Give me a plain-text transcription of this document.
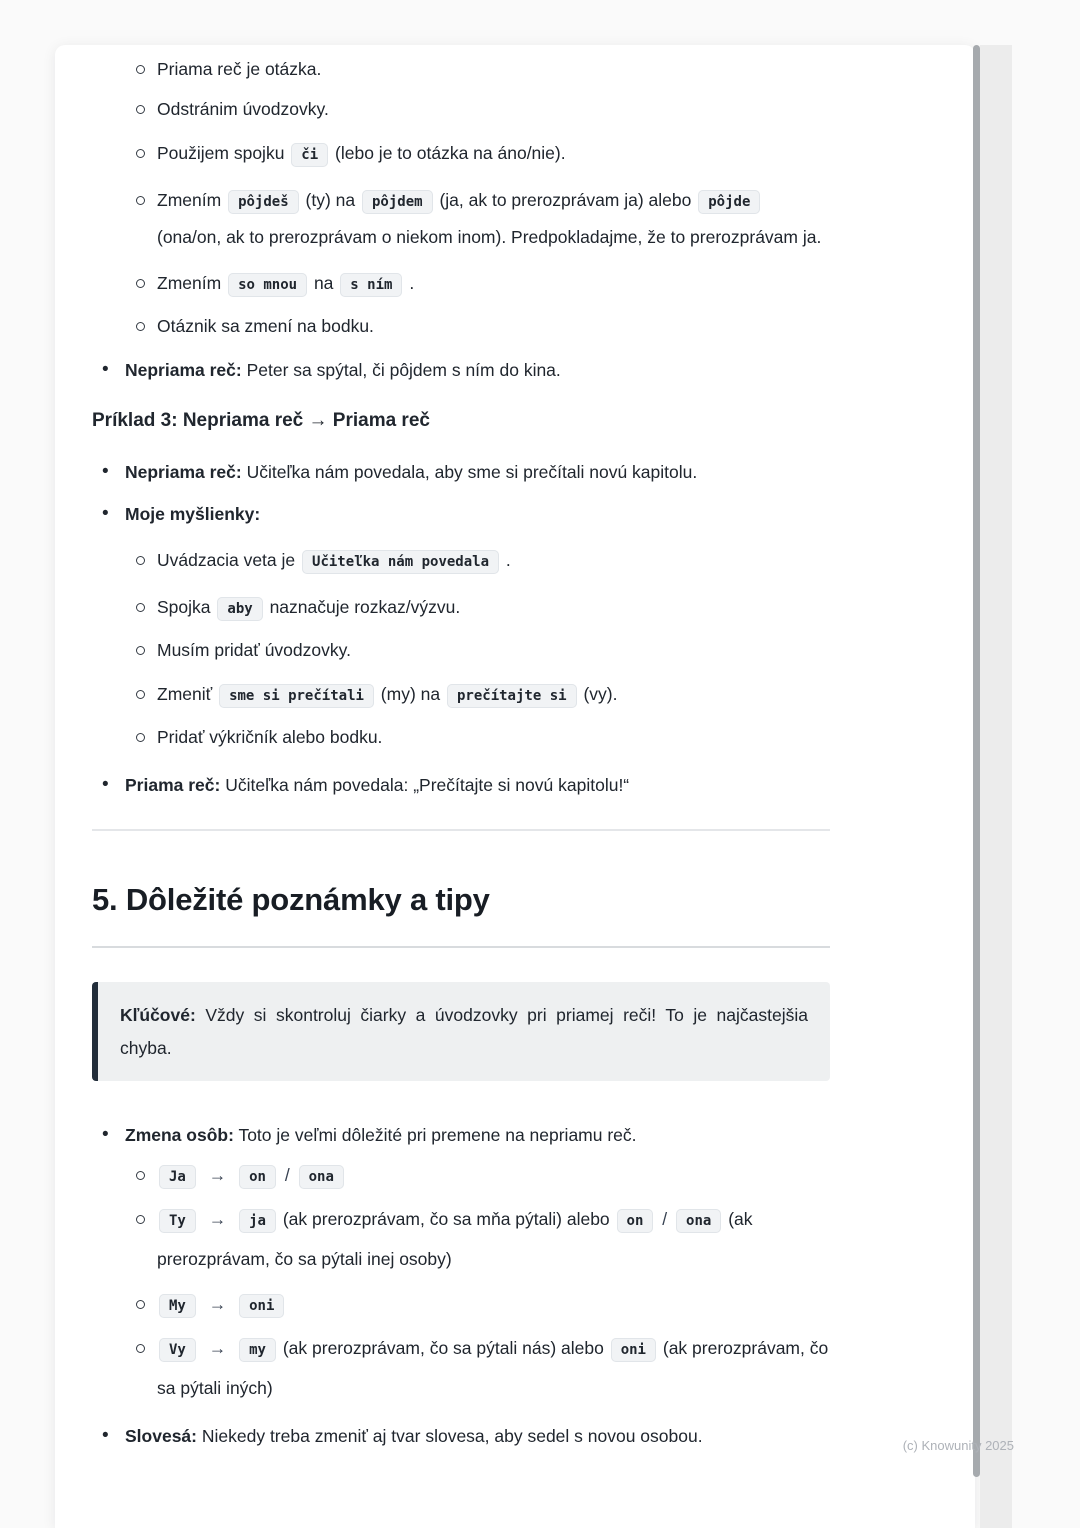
Priama reč je otázka.
Odstránim úvodzovky.
Použijem spojku či (lebo je to otázka na áno/nie).
Zmením pôjdeš (ty) na pôjdem (ja, ak to prerozprávam ja) alebo pôjde (ona/on, ak to prerozprávam o niekom inom). Predpokladajme, že to prerozprávam ja.
Zmením so mnou na s ním .
Otáznik sa zmení na bodku.
• Nepriama reč: Peter sa spýtal, či pôjdem s ním do kina.
Príklad 3: Nepriama reč → Priama reč
• Nepriama reč: Učiteľka nám povedala, aby sme si prečítali novú kapitolu.
• Moje myšlienky:
Uvádzacia veta je Učiteľka nám povedala .
Spojka aby naznačuje rozkaz/výzvu.
Musím pridať úvodzovky.
Zmeniť sme si prečítali (my) na prečítajte si (vy).
Pridať výkričník alebo bodku.
• Priama reč: Učiteľka nám povedala: „Prečítajte si novú kapitolu!“
5. Dôležité poznámky a tipy
Kľúčové: Vždy si skontroluj čiarky a úvodzovky pri priamej reči! To je najčastejšia chyba.
• Zmena osôb: Toto je veľmi dôležité pri premene na nepriamu reč.
Ja → on / ona
Ty → ja (ak prerozprávam, čo sa mňa pýtali) alebo on / ona (ak prerozprávam, čo sa pýtali inej osoby)
My → oni
Vy → my (ak prerozprávam, čo sa pýtali nás) alebo oni (ak prerozprávam, čo sa pýtali iných)
• Slovesá: Niekedy treba zmeniť aj tvar slovesa, aby sedel s novou osobou.	(c) Knowunity 2025
